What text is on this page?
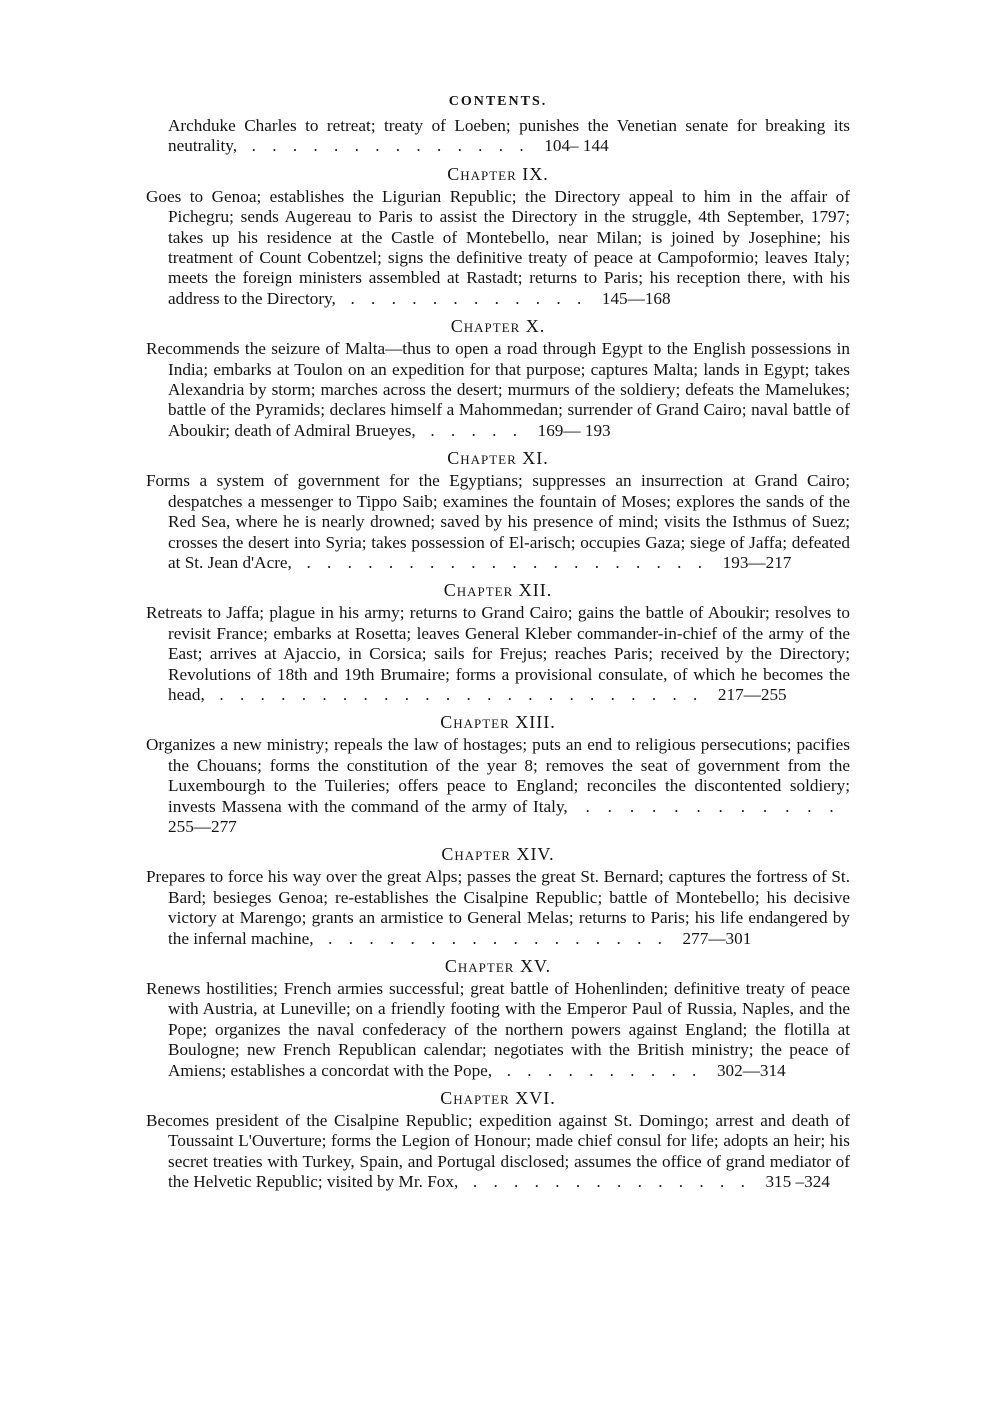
CONTENTS.
Archduke Charles to retreat; treaty of Loeben; punishes the Venetian senate for breaking its neutrality,  . . . . . . . . . . . . . .  104– 144
Chapter IX.
Goes to Genoa; establishes the Ligurian Republic; the Directory appeal to him in the affair of Pichegru; sends Augereau to Paris to assist the Directory in the struggle, 4th September, 1797; takes up his residence at the Castle of Montebello, near Milan; is joined by Josephine; his treatment of Count Cobentzel; signs the definitive treaty of peace at Campoformio; leaves Italy; meets the foreign ministers assembled at Rastadt; returns to Paris; his reception there, with his address to the Directory,  . . . . . . . . . . . .  145—168
Chapter X.
Recommends the seizure of Malta—thus to open a road through Egypt to the English possessions in India; embarks at Toulon on an expedition for that purpose; captures Malta; lands in Egypt; takes Alexandria by storm; marches across the desert; murmurs of the soldiery; defeats the Mamelukes; battle of the Pyramids; declares himself a Mahommedan; surrender of Grand Cairo; naval battle of Aboukir; death of Admiral Brueyes,  . . . . .  169— 193
Chapter XI.
Forms a system of government for the Egyptians; suppresses an insurrection at Grand Cairo; despatches a messenger to Tippo Saib; examines the fountain of Moses; explores the sands of the Red Sea, where he is nearly drowned; saved by his presence of mind; visits the Isthmus of Suez; crosses the desert into Syria; takes possession of El-arisch; occupies Gaza; siege of Jaffa; defeated at St. Jean d'Acre,  . . . . . . . . . . . . . . . . . . . .  193—217
Chapter XII.
Retreats to Jaffa; plague in his army; returns to Grand Cairo; gains the battle of Aboukir; resolves to revisit France; embarks at Rosetta; leaves General Kleber commander-in-chief of the army of the East; arrives at Ajaccio, in Corsica; sails for Frejus; reaches Paris; received by the Directory; Revolutions of 18th and 19th Brumaire; forms a provisional consulate, of which he becomes the head,  . . . . . . . . . . . . . . . . . . . . . . . .  217—255
Chapter XIII.
Organizes a new ministry; repeals the law of hostages; puts an end to religious persecutions; pacifies the Chouans; forms the constitution of the year 8; removes the seat of government from the Luxembourgh to the Tuileries; offers peace to England; reconciles the discontented soldiery; invests Massena with the command of the army of Italy,  . . . . . . . . . . . .  255—277
Chapter XIV.
Prepares to force his way over the great Alps; passes the great St. Bernard; captures the fortress of St. Bard; besieges Genoa; re-establishes the Cisalpine Republic; battle of Montebello; his decisive victory at Marengo; grants an armistice to General Melas; returns to Paris; his life endangered by the infernal machine,  . . . . . . . . . . . . . . . . .  277—301
Chapter XV.
Renews hostilities; French armies successful; great battle of Hohenlinden; definitive treaty of peace with Austria, at Luneville; on a friendly footing with the Emperor Paul of Russia, Naples, and the Pope; organizes the naval confederacy of the northern powers against England; the flotilla at Boulogne; new French Republican calendar; negotiates with the British ministry; the peace of Amiens; establishes a concordat with the Pope,  . . . . . . . . . .  302—314
Chapter XVI.
Becomes president of the Cisalpine Republic; expedition against St. Domingo; arrest and death of Toussaint L'Ouverture; forms the Legion of Honour; made chief consul for life; adopts an heir; his secret treaties with Turkey, Spain, and Portugal disclosed; assumes the office of grand mediator of the Helvetic Republic; visited by Mr. Fox,  . . . . . . . . . . . . . .  315 –324
